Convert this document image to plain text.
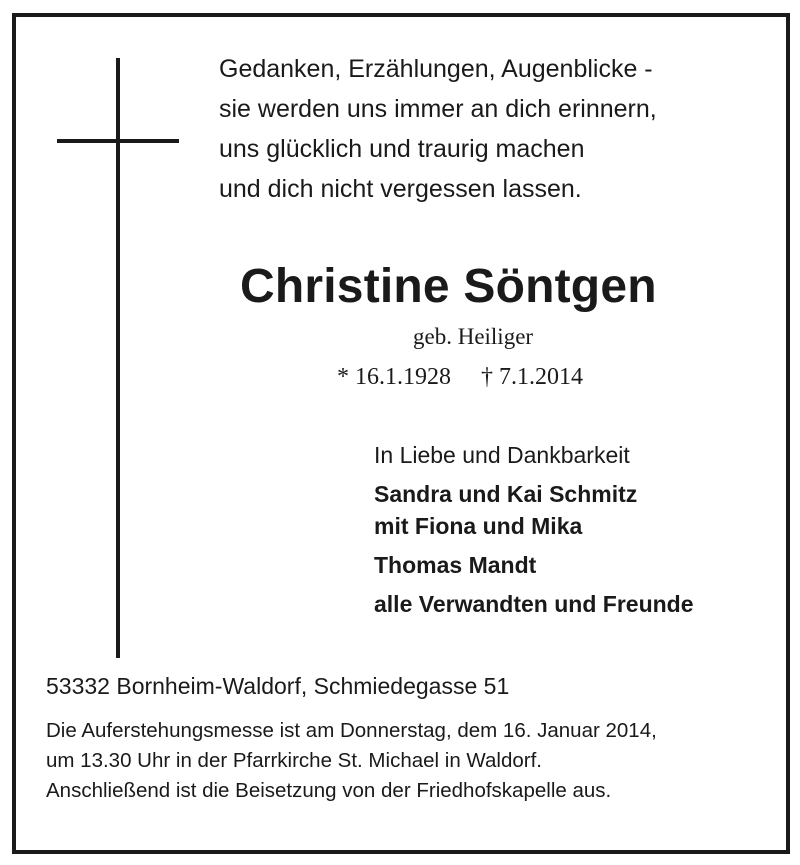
Gedanken, Erzählungen, Augenblicke -
sie werden uns immer an dich erinnern,
uns glücklich und traurig machen
und dich nicht vergessen lassen.
Christine Söntgen
geb. Heiliger
* 16.1.1928 † 7.1.2014
In Liebe und Dankbarkeit
Sandra und Kai Schmitz
mit Fiona und Mika
Thomas Mandt
alle Verwandten und Freunde
53332 Bornheim-Waldorf, Schmiedegasse 51
Die Auferstehungsmesse ist am Donnerstag, dem 16. Januar 2014,
um 13.30 Uhr in der Pfarrkirche St. Michael in Waldorf.
Anschließend ist die Beisetzung von der Friedhofskapelle aus.
